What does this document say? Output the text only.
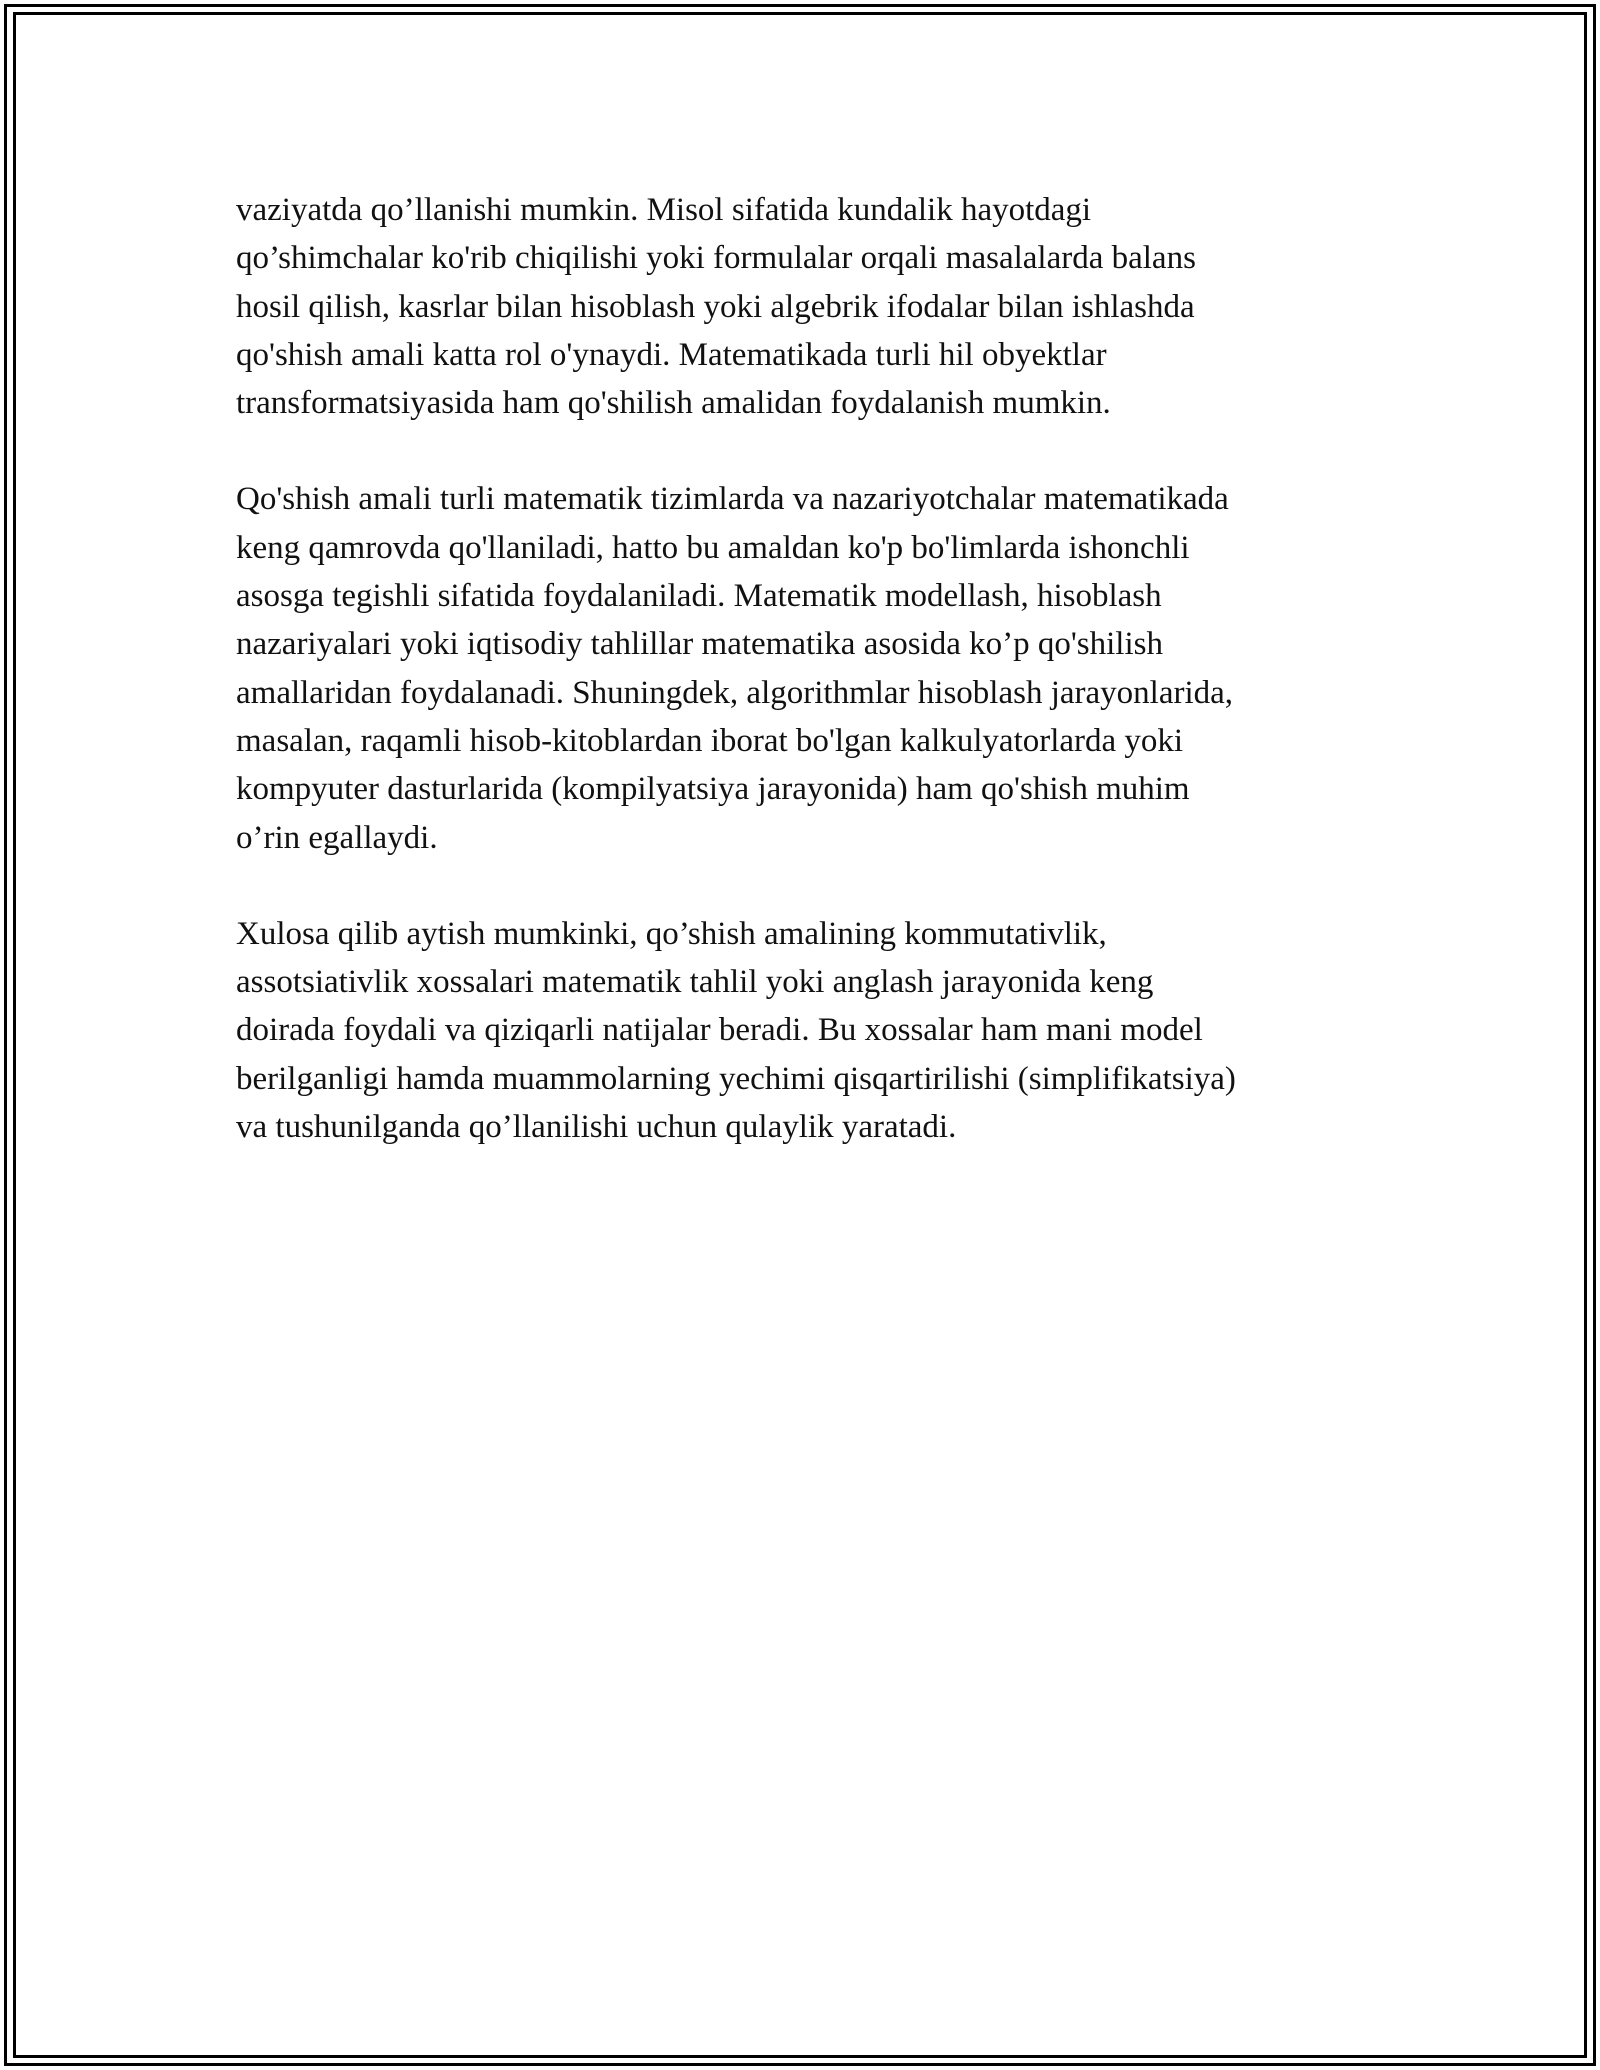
vaziyatda qo’llanishi mumkin. Misol sifatida kundalik hayotdagi
qo’shimchalar ko'rib chiqilishi yoki formulalar orqali masalalarda balans
hosil qilish, kasrlar bilan hisoblash yoki algebrik ifodalar bilan ishlashda
qo'shish amali katta rol o'ynaydi. Matematikada turli hil obyektlar
transformatsiyasida ham qo'shilish amalidan foydalanish mumkin.

Qo'shish amali turli matematik tizimlarda va nazariyotchalar matematikada
keng qamrovda qo'llaniladi, hatto bu amaldan ko'p bo'limlarda ishonchli
asosga tegishli sifatida foydalaniladi. Matematik modellash, hisoblash
nazariyalari yoki iqtisodiy tahlillar matematika asosida ko’p qo'shilish
amallaridan foydalanadi. Shuningdek, algorithmlar hisoblash jarayonlarida,
masalan, raqamli hisob-kitoblardan iborat bo'lgan kalkulyatorlarda yoki
kompyuter dasturlarida (kompilyatsiya jarayonida) ham qo'shish muhim
o’rin egallaydi.

Xulosa qilib aytish mumkinki, qo’shish amalining kommutativlik,
assotsiativlik xossalari matematik tahlil yoki anglash jarayonida keng
doirada foydali va qiziqarli natijalar beradi. Bu xossalar ham mani model
berilganligi hamda muammolarning yechimi qisqartirilishi (simplifikatsiya)
va tushunilganda qo’llanilishi uchun qulaylik yaratadi.
